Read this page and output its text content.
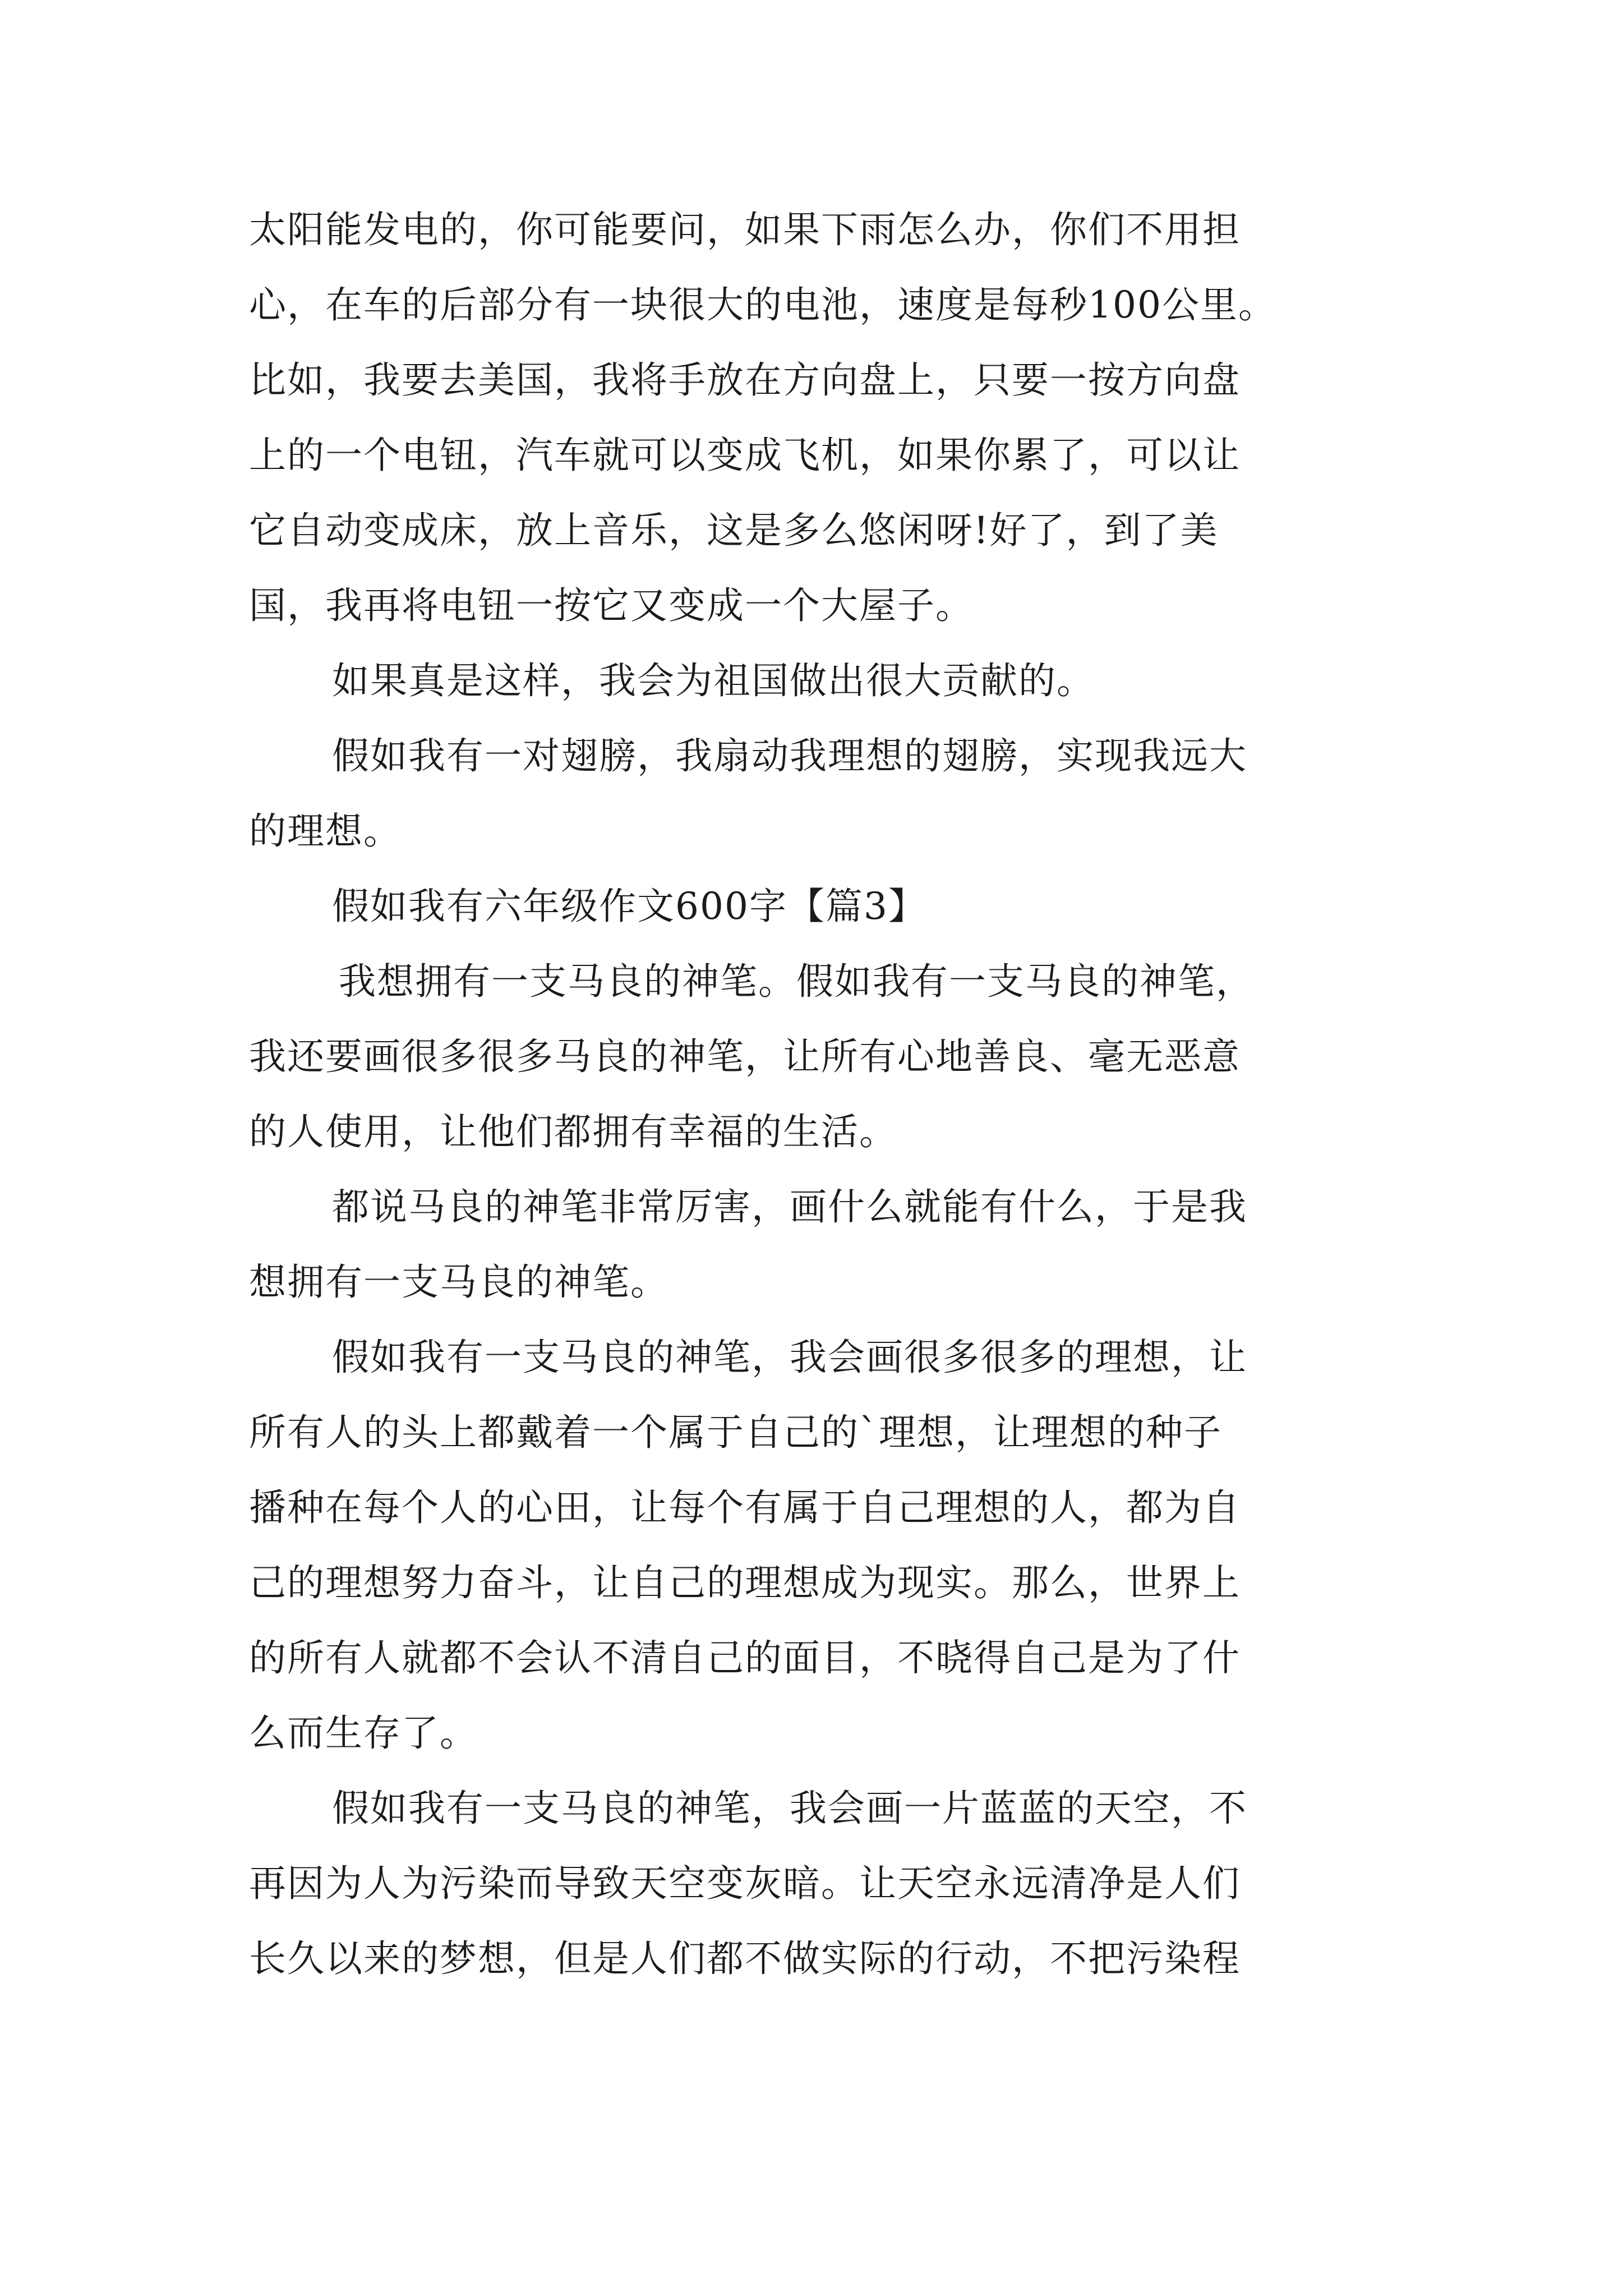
太阳能发电的，你可能要问，如果下雨怎么办，你们不用担
心，在车的后部分有一块很大的电池，速度是每秒100公里。
比如，我要去美国，我将手放在方向盘上，只要一按方向盘
上的一个电钮，汽车就可以变成飞机，如果你累了，可以让
它自动变成床，放上音乐，这是多么悠闲呀!好了，到了美
国，我再将电钮一按它又变成一个大屋子。
如果真是这样，我会为祖国做出很大贡献的。
假如我有一对翅膀，我扇动我理想的翅膀，实现我远大
的理想。
假如我有六年级作文600字【篇3】
我想拥有一支马良的神笔。假如我有一支马良的神笔，
我还要画很多很多马良的神笔，让所有心地善良、毫无恶意
的人使用，让他们都拥有幸福的生活。
都说马良的神笔非常厉害，画什么就能有什么，于是我
想拥有一支马良的神笔。
假如我有一支马良的神笔，我会画很多很多的理想，让
所有人的头上都戴着一个属于自己的`理想，让理想的种子
播种在每个人的心田，让每个有属于自己理想的人，都为自
己的理想努力奋斗，让自己的理想成为现实。那么，世界上
的所有人就都不会认不清自己的面目，不晓得自己是为了什
么而生存了。
假如我有一支马良的神笔，我会画一片蓝蓝的天空，不
再因为人为污染而导致天空变灰暗。让天空永远清净是人们
长久以来的梦想，但是人们都不做实际的行动，不把污染程
